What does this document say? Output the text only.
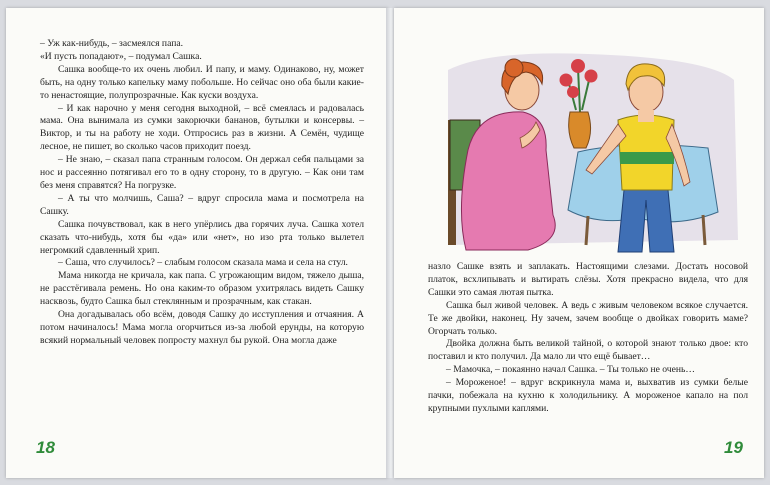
– Уж как-нибудь, – засмеялся папа.

«И пусть попадают», – подумал Сашка.

Сашка вообще-то их очень любил. И папу, и маму. Одинаково, ну, может быть, на одну только капельку маму побольше. Но сейчас оно оба были какие-то ненастоящие, полупрозрачные. Как куски воздуха.

– И как нарочно у меня сегодня выходной, – всё смеялась и радовалась мама. Она вынимала из сумки закорючки бананов, бутылки и консервы. – Виктор, и ты на работу не ходи. Отпросись раз в жизни. А Семён, чудище лесное, не пишет, во сколько часов приходит поезд.

– Не знаю, – сказал папа странным голосом. Он держал себя пальцами за нос и рассеянно потягивал его то в одну сторону, то в другую. – Как они там без меня справятся? На погрузке.

– А ты что молчишь, Саша? – вдруг спросила мама и посмотрела на Сашку.

Сашка почувствовал, как в него упёрлись два горячих луча. Сашка хотел сказать что-нибудь, хотя бы «да» или «нет», но изо рта только вылетел негромкий сдавленный хрип.

– Саша, что случилось? – слабым голосом сказала мама и села на стул.

Мама никогда не кричала, как папа. С угрожающим видом, тяжело дыша, не расстёгивала ремень. Но она каким-то образом ухитрялась видеть Сашку насквозь, будто Сашка был стеклянным и прозрачным, как стакан.

Она догадывалась обо всём, доводя Сашку до исступления и отчаяния. А потом начиналось! Мама могла огорчиться из-за любой ерунды, на которую всякий нормальный человек попросту махнул бы рукой. Она могла даже

18

назло Сашке взять и заплакать. Настоящими слезами. Достать носовой платок, всхлипывать и вытирать слёзы. Хотя прекрасно видела, что для Сашки это самая лютая пытка.

Сашка был живой человек. А ведь с живым человеком всякое случается. Те же двойки, наконец. Ну зачем, зачем вообще о двойках говорить маме? Огорчать только.

Двойка должна быть великой тайной, о которой знают только двое: кто поставил и кто получил. Да мало ли что ещё бывает…

– Мамочка, – покаянно начал Сашка. – Ты только не очень…

– Мороженое! – вдруг вскрикнула мама и, выхватив из сумки белые пачки, побежала на кухню к холодильнику. А мороженое капало на пол крупными пухлыми каплями.

19
